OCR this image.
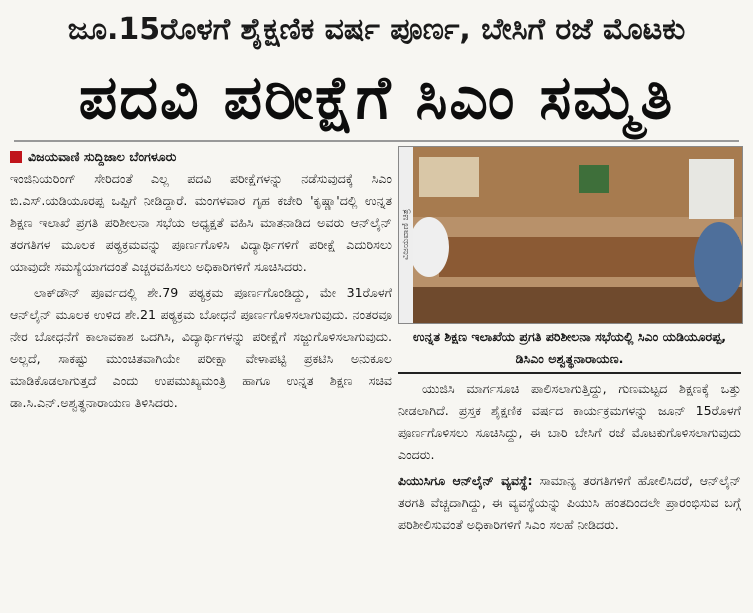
ಜೂ.15ರೊಳಗೆ ಶೈಕ್ಷಣಿಕ ವರ್ಷ ಪೂರ್ಣ, ಬೇಸಿಗೆ ರಜೆ ಮೊಟಕು
ಪದವಿ ಪರೀಕ್ಷೆಗೆ ಸಿಎಂ ಸಮ್ಮತಿ
ವಿಜಯವಾಣಿ ಸುದ್ದಿಜಾಲ ಬೆಂಗಳೂರು

ಇಂಜಿನಿಯರಿಂಗ್ ಸೇರಿದಂತೆ ಎಲ್ಲ ಪದವಿ ಪರೀಕ್ಷೆಗಳನ್ನು ನಡೆಸುವುದಕ್ಕೆ ಸಿಎಂ ಬಿ.ಎಸ್.ಯಡಿಯೂರಪ್ಪ ಒಪ್ಪಿಗೆ ನೀಡಿದ್ದಾರೆ. ಮಂಗಳವಾರ ಗೃಹ ಕಚೇರಿ 'ಕೃಷ್ಣಾ'ದಲ್ಲಿ ಉನ್ನತ ಶಿಕ್ಷಣ ಇಲಾಖೆ ಪ್ರಗತಿ ಪರಿಶೀಲನಾ ಸಭೆಯ ಅಧ್ಯಕ್ಷತೆ ವಹಿಸಿ ಮಾತನಾಡಿದ ಅವರು ಆನ್‌ಲೈನ್ ತರಗತಿಗಳ ಮೂಲಕ ಪಠ್ಯಕ್ರಮವನ್ನು ಪೂರ್ಣಗೊಳಿಸಿ ವಿದ್ಯಾರ್ಥಿಗಳಿಗೆ ಪರೀಕ್ಷೆ ಎದುರಿಸಲು ಯಾವುದೇ ಸಮಸ್ಯೆಯಾಗದಂತೆ ಎಚ್ಚರವಹಿಸಲು ಅಧಿಕಾರಿಗಳಿಗೆ ಸೂಚಿಸಿದರು.

ಲಾಕ್‌ಡೌನ್ ಪೂರ್ವದಲ್ಲಿ ಶೇ.79 ಪಠ್ಯಕ್ರಮ ಪೂರ್ಣಗೊಂಡಿದ್ದು, ಮೇ 31ರೊಳಗೆ ಆನ್‌ಲೈನ್ ಮೂಲಕ ಉಳಿದ ಶೇ.21 ಪಠ್ಯಕ್ರಮ ಬೋಧನೆ ಪೂರ್ಣಗೊಳಿಸಲಾಗುವುದು. ನಂತರವೂ ನೇರ ಬೋಧನೆಗೆ ಕಾಲಾವಕಾಶ ಒದಗಿಸಿ, ವಿದ್ಯಾರ್ಥಿಗಳನ್ನು ಪರೀಕ್ಷೆಗೆ ಸಜ್ಜುಗೊಳಿಸಲಾಗುವುದು. ಅಲ್ಲದೆ, ಸಾಕಷ್ಟು ಮುಂಚಿತವಾಗಿಯೇ ಪರೀಕ್ಷಾ ವೇಳಾಪಟ್ಟಿ ಪ್ರಕಟಿಸಿ ಅನುಕೂಲ ಮಾಡಿಕೊಡಲಾಗುತ್ತದೆ ಎಂದು ಉಪಮುಖ್ಯಮಂತ್ರಿ ಹಾಗೂ ಉನ್ನತ ಶಿಕ್ಷಣ ಸಚಿವ ಡಾ.ಸಿ.ಎನ್.ಅಶ್ವತ್ಥನಾರಾಯಣ ತಿಳಿಸಿದರು.

ವಿಜಯವಾಣಿ ಚಿತ್ರ
ಉನ್ನತ ಶಿಕ್ಷಣ ಇಲಾಖೆಯ ಪ್ರಗತಿ ಪರಿಶೀಲನಾ ಸಭೆಯಲ್ಲಿ ಸಿಎಂ ಯಡಿಯೂರಪ್ಪ, ಡಿಸಿಎಂ ಅಶ್ವತ್ಥನಾರಾಯಣ.

ಯುಜಿಸಿ ಮಾರ್ಗಸೂಚಿ ಪಾಲಿಸಲಾಗುತ್ತಿದ್ದು, ಗುಣಮಟ್ಟದ ಶಿಕ್ಷಣಕ್ಕೆ ಒತ್ತು ನೀಡಲಾಗಿದೆ. ಪ್ರಸ್ತಕ ಶೈಕ್ಷಣಿಕ ವರ್ಷದ ಕಾರ್ಯಕ್ರಮಗಳನ್ನು ಜೂನ್ 15ರೊಳಗೆ ಪೂರ್ಣಗೊಳಿಸಲು ಸೂಚಿಸಿದ್ದು, ಈ ಬಾರಿ ಬೇಸಿಗೆ ರಜೆ ಮೊಟಕುಗೊಳಿಸಲಾಗುವುದು ಎಂದರು.

ಪಿಯುಸಿಗೂ ಆನ್‌ಲೈನ್ ವ್ಯವಸ್ಥೆ: ಸಾಮಾನ್ಯ ತರಗತಿಗಳಿಗೆ ಹೋಲಿಸಿದರೆ, ಆನ್‌ಲೈನ್ ತರಗತಿ ವೆಚ್ಚದಾಗಿದ್ದು, ಈ ವ್ಯವಸ್ಥೆಯನ್ನು ಪಿಯುಸಿ ಹಂತದಿಂದಲೇ ಪ್ರಾರಂಭಿಸುವ ಬಗ್ಗೆ ಪರಿಶೀಲಿಸುವಂತೆ ಅಧಿಕಾರಿಗಳಿಗೆ ಸಿಎಂ ಸಲಹೆ ನೀಡಿದರು.
